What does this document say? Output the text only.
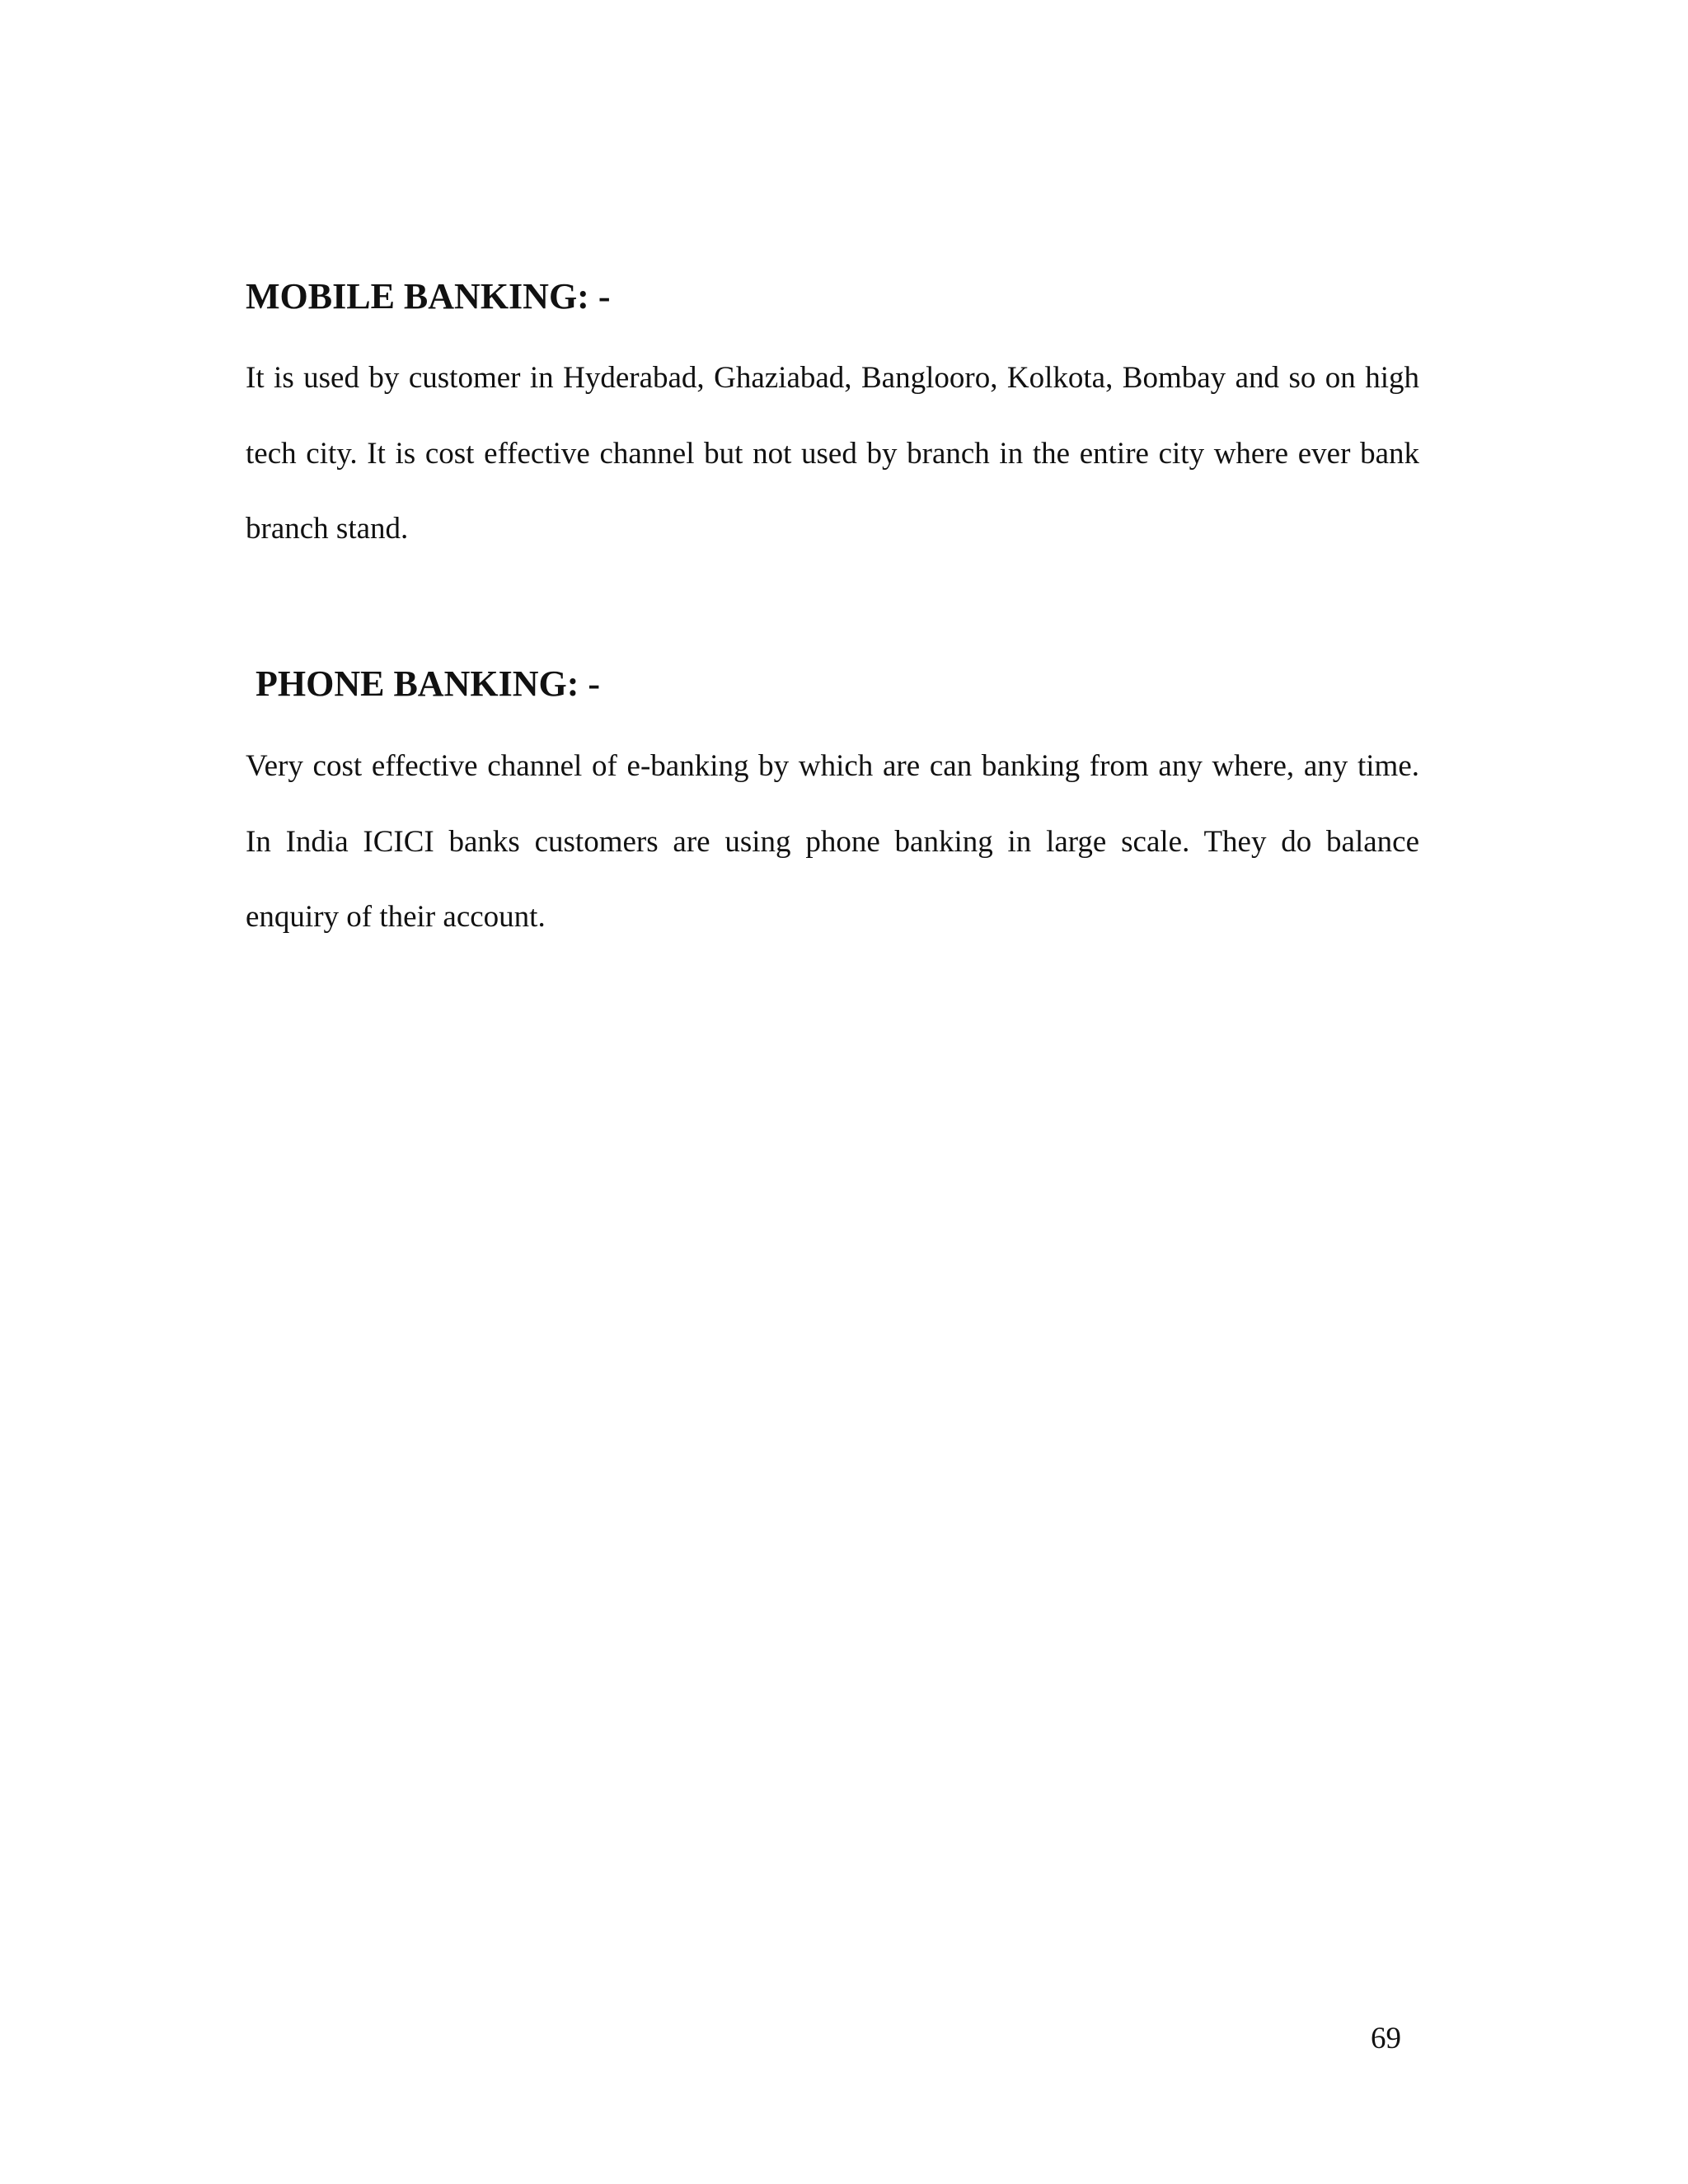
MOBILE BANKING: -

It is used by customer in Hyderabad, Ghaziabad, Banglooro, Kolkota, Bombay and so on high tech city. It is cost effective channel but not used by branch in the entire city where ever bank branch stand.

PHONE BANKING: -

Very cost effective channel of e-banking by which are can banking from any where, any time. In India ICICI banks customers are using phone banking in large scale. They do balance enquiry of their account.

69
